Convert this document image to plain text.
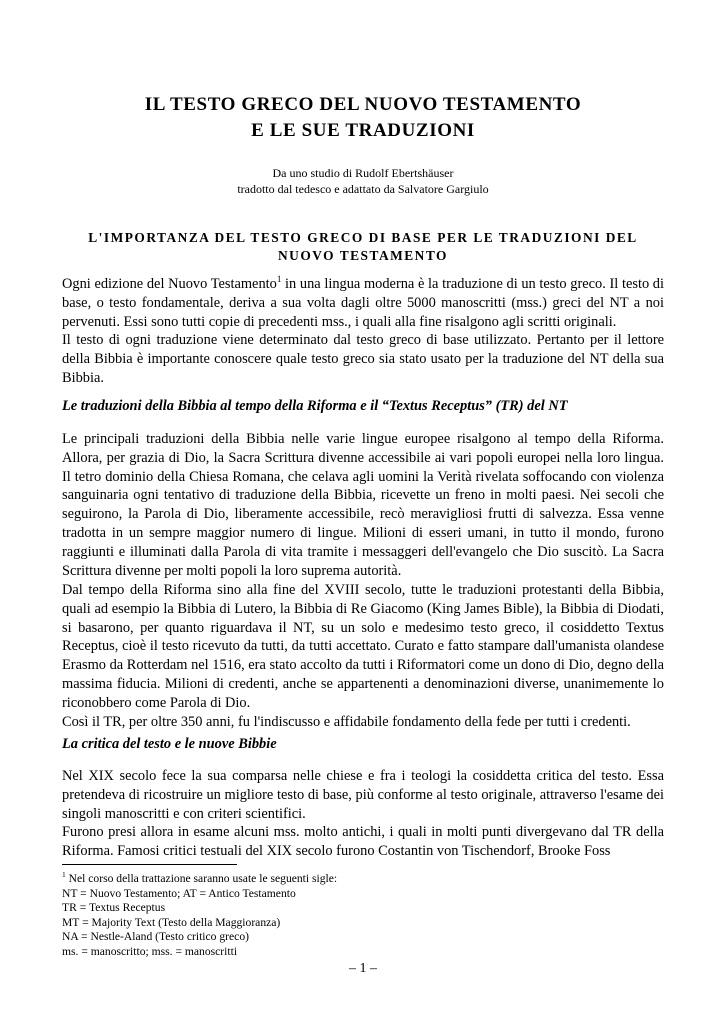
IL TESTO GRECO DEL NUOVO TESTAMENTO
E LE SUE TRADUZIONI
Da uno studio di Rudolf Ebertshäuser
tradotto dal tedesco e adattato da Salvatore Gargiulo
L'IMPORTANZA DEL TESTO GRECO DI BASE PER LE TRADUZIONI DEL
NUOVO TESTAMENTO

Ogni edizione del Nuovo Testamento$^1$ in una lingua moderna è la traduzione di un testo greco. Il testo di base, o testo fondamentale, deriva a sua volta dagli oltre 5000 manoscritti (mss.) greci del NT a noi pervenuti. Essi sono tutti copie di precedenti mss., i quali alla fine risalgono agli scritti originali.

Il testo di ogni traduzione viene determinato dal testo greco di base utilizzato. Pertanto per il lettore della Bibbia è importante conoscere quale testo greco sia stato usato per la traduzione del NT della sua Bibbia.

Le traduzioni della Bibbia al tempo della Riforma e il “Textus Receptus” (TR) del NT

Le principali traduzioni della Bibbia nelle varie lingue europee risalgono al tempo della Riforma. Allora, per grazia di Dio, la Sacra Scrittura divenne accessibile ai vari popoli europei nella loro lingua. Il tetro dominio della Chiesa Romana, che celava agli uomini la Verità rivelata soffocando con violenza sanguinaria ogni tentativo di traduzione della Bibbia, ricevette un freno in molti paesi. Nei secoli che seguirono, la Parola di Dio, liberamente accessibile, recò meravigliosi frutti di salvezza. Essa venne tradotta in un sempre maggior numero di lingue. Milioni di esseri umani, in tutto il mondo, furono raggiunti e illuminati dalla Parola di vita tramite i messaggeri dell'evangelo che Dio suscitò. La Sacra Scrittura divenne per molti popoli la loro suprema autorità.

Dal tempo della Riforma sino alla fine del XVIII secolo, tutte le traduzioni protestanti della Bibbia, quali ad esempio la Bibbia di Lutero, la Bibbia di Re Giacomo (King James Bible), la Bibbia di Diodati, si basarono, per quanto riguardava il NT, su un solo e medesimo testo greco, il cosiddetto Textus Receptus, cioè il testo ricevuto da tutti, da tutti accettato. Curato e fatto stampare dall'umanista olandese Erasmo da Rotterdam nel 1516, era stato accolto da tutti i Riformatori come un dono di Dio, degno della massima fiducia. Milioni di credenti, anche se appartenenti a denominazioni diverse, unanimemente lo riconobbero come Parola di Dio.

Così il TR, per oltre 350 anni, fu l'indiscusso e affidabile fondamento della fede per tutti i credenti.

La critica del testo e le nuove Bibbie

Nel XIX secolo fece la sua comparsa nelle chiese e fra i teologi la cosiddetta critica del testo. Essa pretendeva di ricostruire un migliore testo di base, più conforme al testo originale, attraverso l'esame dei singoli manoscritti e con criteri scientifici.

Furono presi allora in esame alcuni mss. molto antichi, i quali in molti punti divergevano dal TR della Riforma. Famosi critici testuali del XIX secolo furono Costantin von Tischendorf, Brooke Foss

$^1$ Nel corso della trattazione saranno usate le seguenti sigle:
NT = Nuovo Testamento; AT = Antico Testamento
TR = Textus Receptus
MT = Majority Text (Testo della Maggioranza)
NA = Nestle-Aland (Testo critico greco)
ms. = manoscritto; mss. = manoscritti
– 1 –
